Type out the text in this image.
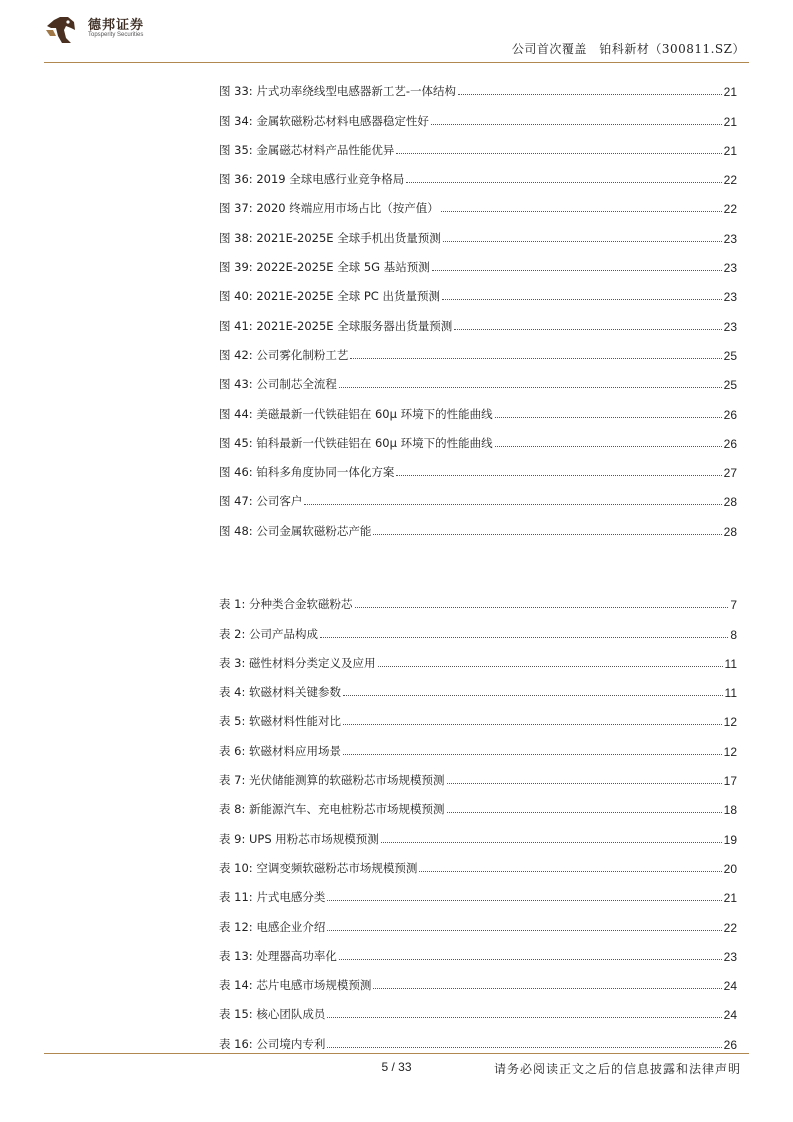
德邦证券
Topsperity Securities
公司首次覆盖　铂科新材（300811.SZ）
图 33: 片式功率绕线型电感器新工艺-一体结构	21
图 34: 金属软磁粉芯材料电感器稳定性好	21
图 35: 金属磁芯材料产品性能优异	21
图 36: 2019 全球电感行业竞争格局	22
图 37: 2020 终端应用市场占比（按产值）	22
图 38: 2021E-2025E 全球手机出货量预测	23
图 39: 2022E-2025E 全球 5G 基站预测	23
图 40: 2021E-2025E 全球 PC 出货量预测	23
图 41: 2021E-2025E 全球服务器出货量预测	23
图 42: 公司雾化制粉工艺	25
图 43: 公司制芯全流程	25
图 44: 美磁最新一代铁硅铝在 60μ 环境下的性能曲线	26
图 45: 铂科最新一代铁硅铝在 60μ 环境下的性能曲线	26
图 46: 铂科多角度协同一体化方案	27
图 47: 公司客户	28
图 48: 公司金属软磁粉芯产能	28
表 1: 分种类合金软磁粉芯	7
表 2: 公司产品构成	8
表 3: 磁性材料分类定义及应用	11
表 4: 软磁材料关键参数	11
表 5: 软磁材料性能对比	12
表 6: 软磁材料应用场景	12
表 7: 光伏储能测算的软磁粉芯市场规模预测	17
表 8: 新能源汽车、充电桩粉芯市场规模预测	18
表 9: UPS 用粉芯市场规模预测	19
表 10: 空调变频软磁粉芯市场规模预测	20
表 11: 片式电感分类	21
表 12: 电感企业介绍	22
表 13: 处理器高功率化	23
表 14: 芯片电感市场规模预测	24
表 15: 核心团队成员	24
表 16: 公司境内专利	26
5 / 33	请务必阅读正文之后的信息披露和法律声明
